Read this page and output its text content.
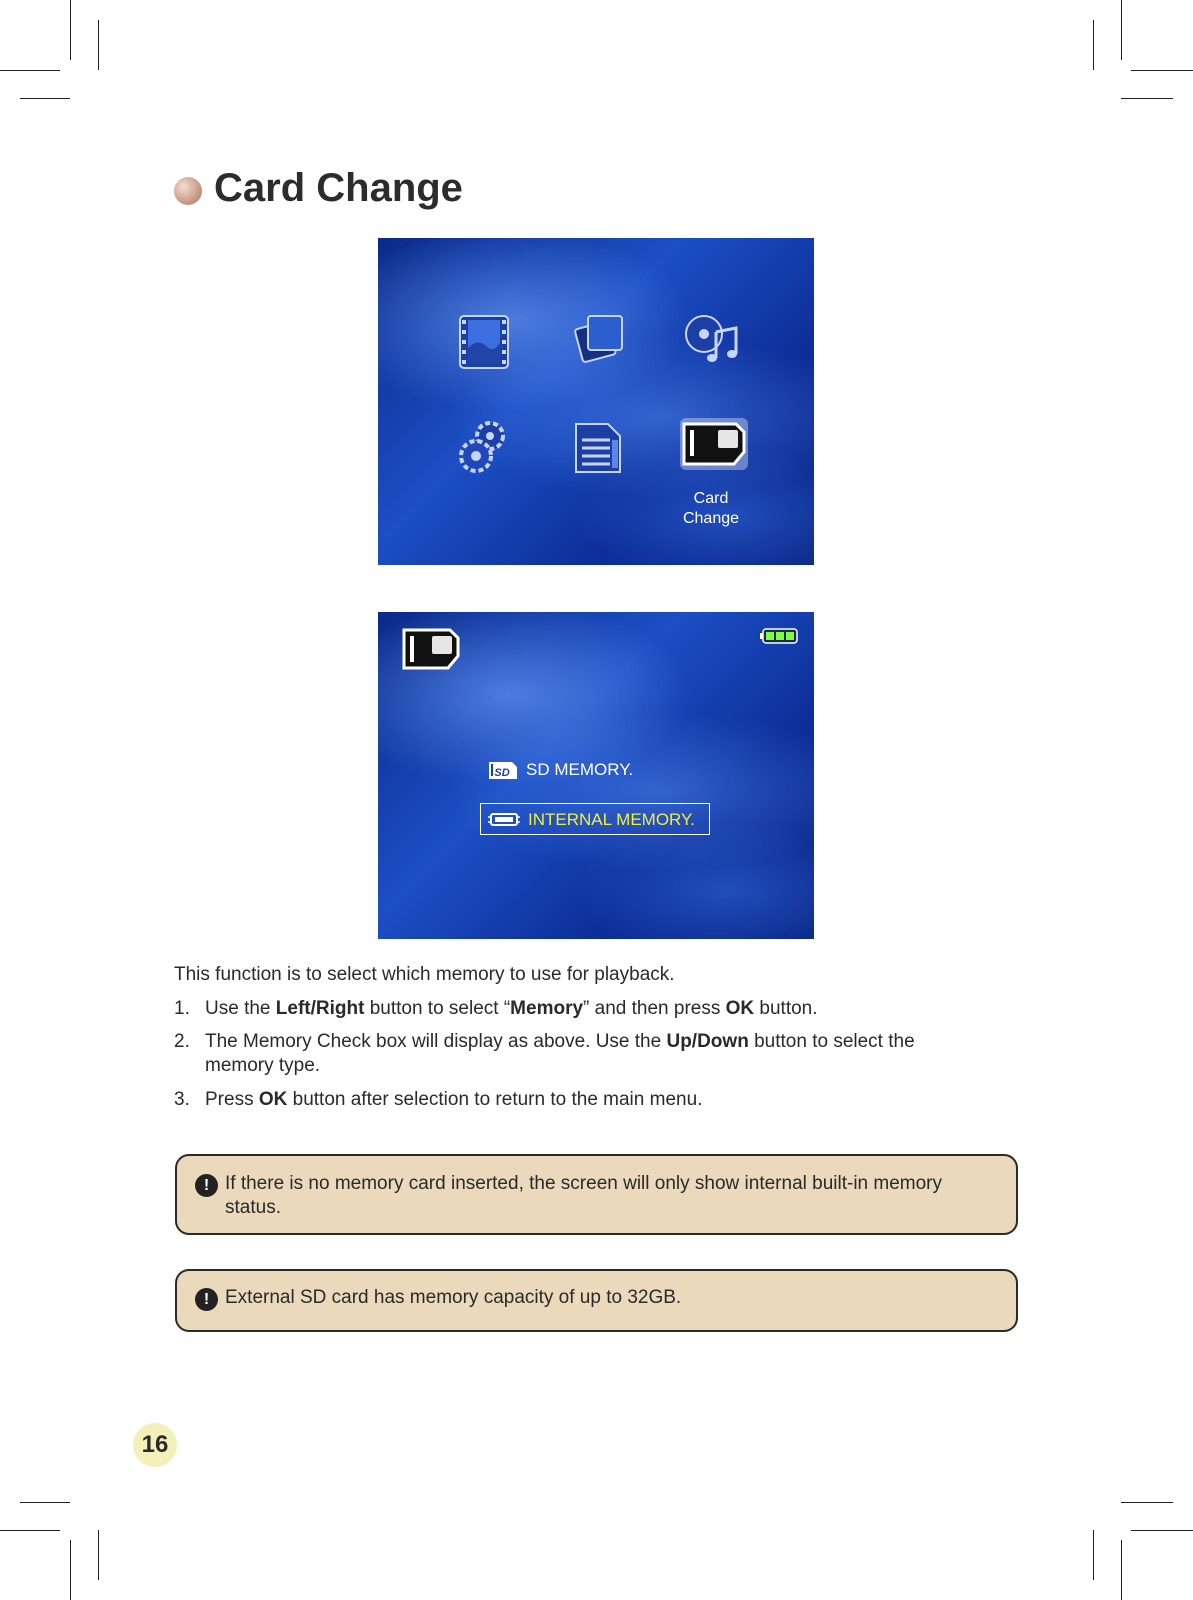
Card Change
Card
Change
SD SD MEMORY.
INTERNAL MEMORY.
This function is to select which memory to use for playback.
1. Use the Left/Right button to select “Memory” and then press OK button.
2. The Memory Check box will display as above. Use the Up/Down button to select the memory type.
3. Press OK button after selection to return to the main menu.
! If there is no memory card inserted, the screen will only show internal built-in memory status.
! External SD card has memory capacity of up to 32GB.
16
